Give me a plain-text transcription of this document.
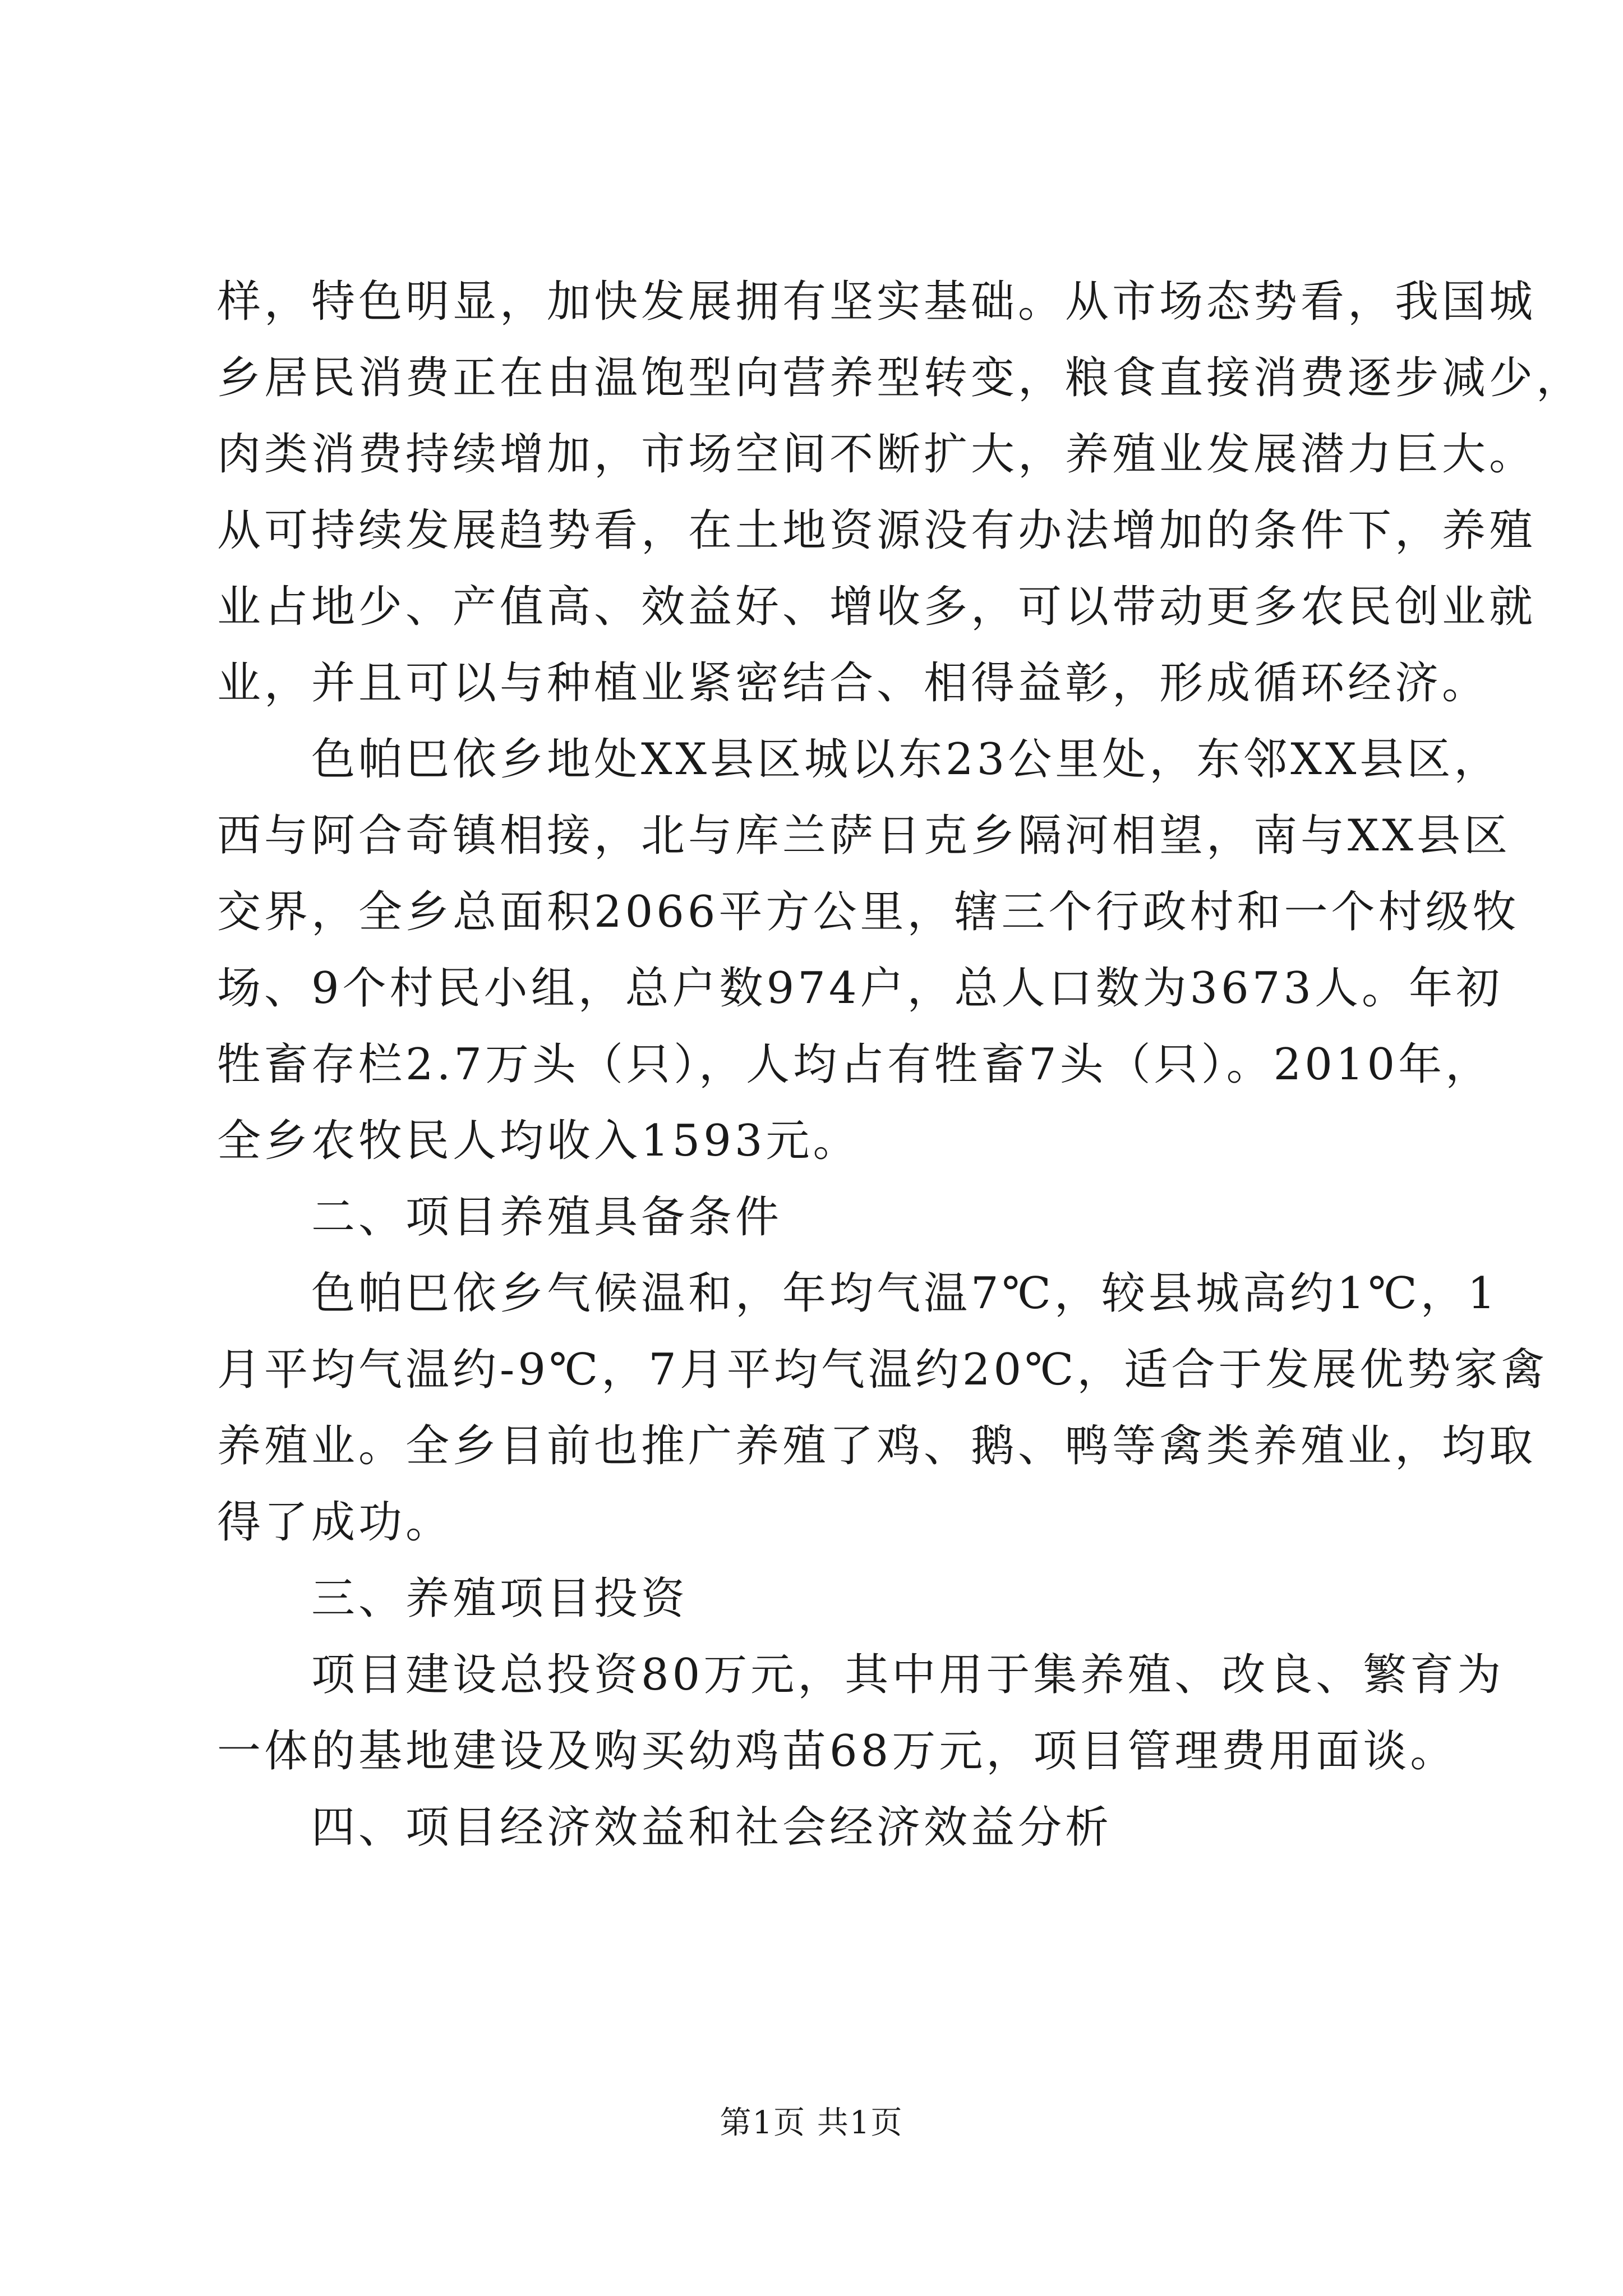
样，特色明显，加快发展拥有坚实基础。从市场态势看，我国城
乡居民消费正在由温饱型向营养型转变，粮食直接消费逐步减少，
肉类消费持续增加，市场空间不断扩大，养殖业发展潜力巨大。
从可持续发展趋势看，在土地资源没有办法增加的条件下，养殖
业占地少、产值高、效益好、增收多，可以带动更多农民创业就
业，并且可以与种植业紧密结合、相得益彰，形成循环经济。
　　色帕巴依乡地处XX县区城以东23公里处，东邻XX县区，
西与阿合奇镇相接，北与库兰萨日克乡隔河相望，南与XX县区
交界，全乡总面积2066平方公里，辖三个行政村和一个村级牧
场、9个村民小组，总户数974户，总人口数为3673人。年初
牲畜存栏2.7万头（只），人均占有牲畜7头（只）。2010年，
全乡农牧民人均收入1593元。
　　二、项目养殖具备条件
　　色帕巴依乡气候温和，年均气温7℃，较县城高约1℃，1
月平均气温约-9℃，7月平均气温约20℃，适合于发展优势家禽
养殖业。全乡目前也推广养殖了鸡、鹅、鸭等禽类养殖业，均取
得了成功。
　　三、养殖项目投资
　　项目建设总投资80万元，其中用于集养殖、改良、繁育为
一体的基地建设及购买幼鸡苗68万元，项目管理费用面谈。
　　四、项目经济效益和社会经济效益分析
第1页 共1页
